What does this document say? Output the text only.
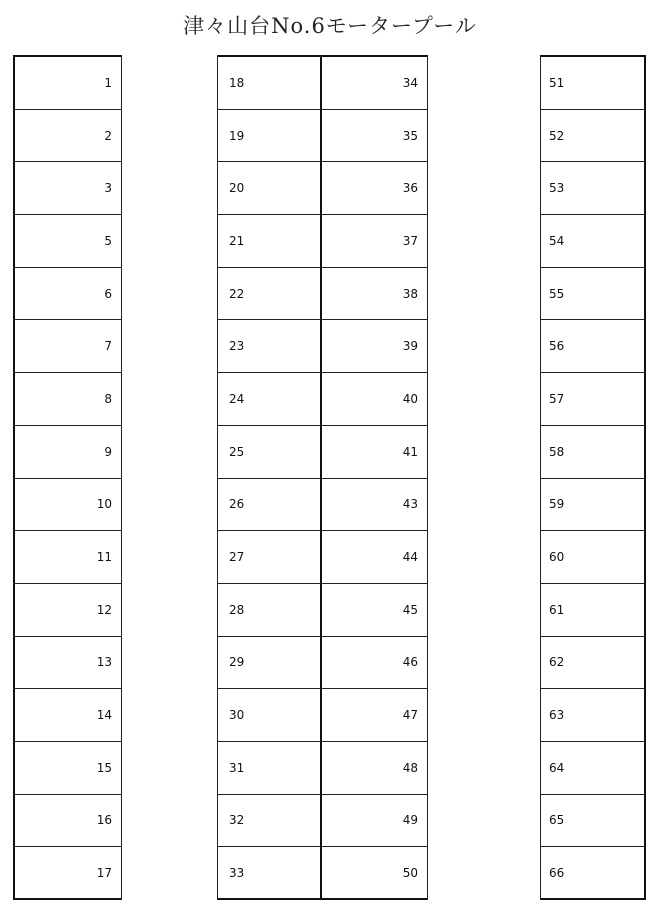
津々山台No.6モータープール
1
2
3
5
6
7
8
9
10
11
12
13
14
15
16
17
18
19
20
21
22
23
24
25
26
27
28
29
30
31
32
33
34
35
36
37
38
39
40
41
43
44
45
46
47
48
49
50
51
52
53
54
55
56
57
58
59
60
61
62
63
64
65
66
